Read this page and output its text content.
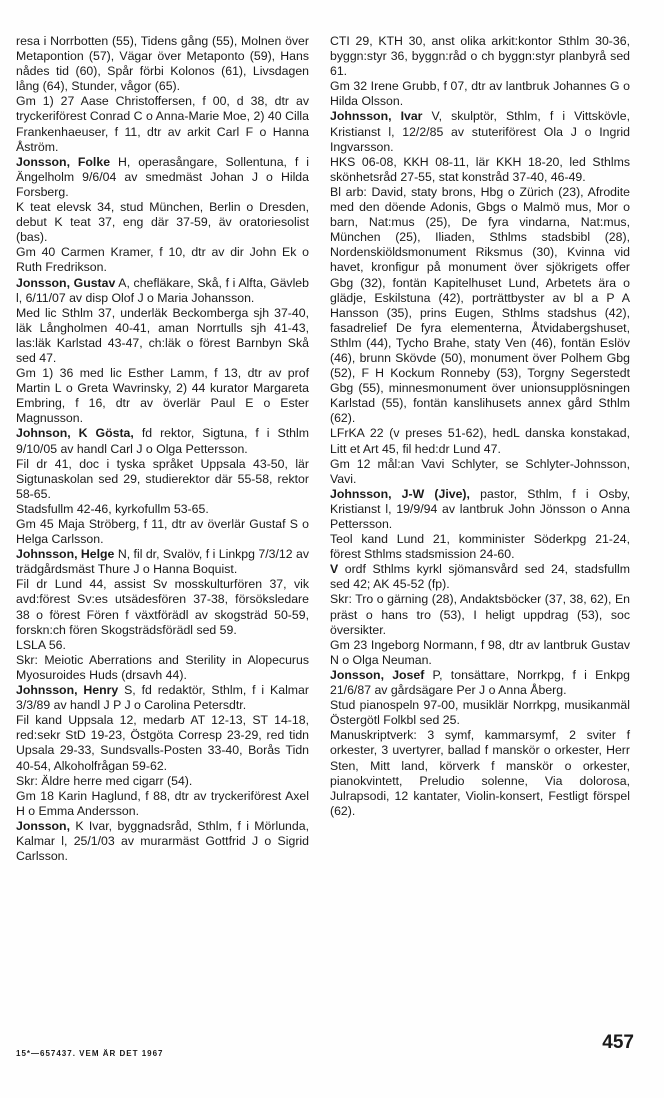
resa i Norrbotten (55), Tidens gång (55), Molnen över Metapontion (57), Vägar över Metaponto (59), Hans nådes tid (60), Spår förbi Kolonos (61), Livsdagen lång (64), Stunder, vågor (65).

Gm 1) 27 Aase Christoffersen, f 00, d 38, dtr av tryckeriförest Conrad C o Anna-Marie Moe, 2) 40 Cilla Frankenhaeuser, f 11, dtr av arkit Carl F o Hanna Åström.

Jonsson, Folke H, operasångare, Sollentuna, f i Ängelholm 9/6/04 av smedmäst Johan J o Hilda Forsberg.

K teat elevsk 34, stud München, Berlin o Dresden, debut K teat 37, eng där 37-59, äv oratoriesolist (bas).

Gm 40 Carmen Kramer, f 10, dtr av dir John Ek o Ruth Fredrikson.

Jonsson, Gustav A, chefläkare, Skå, f i Alfta, Gävleb l, 6/11/07 av disp Olof J o Maria Johansson.

Med lic Sthlm 37, underläk Beckomberga sjh 37-40, läk Långholmen 40-41, aman Norrtulls sjh 41-43, las:läk Karlstad 43-47, ch:läk o förest Barnbyn Skå sed 47.

Gm 1) 36 med lic Esther Lamm, f 13, dtr av prof Martin L o Greta Wavrinsky, 2) 44 kurator Margareta Embring, f 16, dtr av överlär Paul E o Ester Magnusson.

Johnson, K Gösta, fd rektor, Sigtuna, f i Sthlm 9/10/05 av handl Carl J o Olga Pettersson.

Fil dr 41, doc i tyska språket Uppsala 43-50, lär Sigtunaskolan sed 29, studierektor där 55-58, rektor 58-65.

Stadsfullm 42-46, kyrkofullm 53-65.

Gm 45 Maja Ströberg, f 11, dtr av överlär Gustaf S o Helga Carlsson.

Johnsson, Helge N, fil dr, Svalöv, f i Linkpg 7/3/12 av trädgårdsmäst Thure J o Hanna Boquist.

Fil dr Lund 44, assist Sv mosskulturfören 37, vik avd:förest Sv:es utsädesfören 37-38, försöksledare 38 o förest Fören f växtförädl av skogsträd 50-59, forskn:ch fören Skogsträdsförädl sed 59.

LSLA 56.

Skr: Meiotic Aberrations and Sterility in Alopecurus Myosuroides Huds (drsavh 44).

Johnsson, Henry S, fd redaktör, Sthlm, f i Kalmar 3/3/89 av handl J P J o Carolina Petersdtr.

Fil kand Uppsala 12, medarb AT 12-13, ST 14-18, red:sekr StD 19-23, Östgöta Corresp 23-29, red tidn Upsala 29-33, Sundsvalls-Posten 33-40, Borås Tidn 40-54, Alkoholfrågan 59-62.

Skr: Äldre herre med cigarr (54).

Gm 18 Karin Haglund, f 88, dtr av tryckeriförest Axel H o Emma Andersson.

Jonsson, K Ivar, byggnadsråd, Sthlm, f i Mörlunda, Kalmar l, 25/1/03 av murarmäst Gottfrid J o Sigrid Carlsson.

CTI 29, KTH 30, anst olika arkit:kontor Sthlm 30-36, byggn:styr 36, byggn:råd o ch byggn:styr planbyrå sed 61.

Gm 32 Irene Grubb, f 07, dtr av lantbruk Johannes G o Hilda Olsson.

Johnsson, Ivar V, skulptör, Sthlm, f i Vittskövle, Kristianst l, 12/2/85 av stuteriförest Ola J o Ingrid Ingvarsson.

HKS 06-08, KKH 08-11, lär KKH 18-20, led Sthlms skönhetsråd 27-55, stat konstråd 37-40, 46-49.

Bl arb: David, staty brons, Hbg o Zürich (23), Afrodite med den döende Adonis, Gbgs o Malmö mus, Mor o barn, Nat:mus (25), De fyra vindarna, Nat:mus, München (25), Iliaden, Sthlms stadsbibl (28), Nordenskiöldsmonument Riksmus (30), Kvinna vid havet, kronfigur på monument över sjökrigets offer Gbg (32), fontän Kapitelhuset Lund, Arbetets ära o glädje, Eskilstuna (42), porträttbyster av bl a P A Hansson (35), prins Eugen, Sthlms stadshus (42), fasadrelief De fyra elementerna, Åtvidabergshuset, Sthlm (44), Tycho Brahe, staty Ven (46), fontän Eslöv (46), brunn Skövde (50), monument över Polhem Gbg (52), F H Kockum Ronneby (53), Torgny Segerstedt Gbg (55), minnesmonument över unionsupplösningen Karlstad (55), fontän kanslihusets annex gård Sthlm (62).

LFrKA 22 (v preses 51-62), hedL danska konstakad, Litt et Art 45, fil hed:dr Lund 47.

Gm 12 mål:an Vavi Schlyter, se Schlyter-Johnsson, Vavi.

Johnsson, J-W (Jive), pastor, Sthlm, f i Osby, Kristianst l, 19/9/94 av lantbruk John Jönsson o Anna Pettersson.

Teol kand Lund 21, komminister Söderkpg 21-24, förest Sthlms stadsmission 24-60.

V ordf Sthlms kyrkl sjömansvård sed 24, stadsfullm sed 42; AK 45-52 (fp).

Skr: Tro o gärning (28), Andaktsböcker (37, 38, 62), En präst o hans tro (53), I heligt uppdrag (53), soc översikter.

Gm 23 Ingeborg Normann, f 98, dtr av lantbruk Gustav N o Olga Neuman.

Jonsson, Josef P, tonsättare, Norrkpg, f i Enkpg 21/6/87 av gårdsägare Per J o Anna Åberg.

Stud pianospeln 97-00, musiklär Norrkpg, musikanmäl Östergötl Folkbl sed 25.

Manuskriptverk: 3 symf, kammarsymf, 2 sviter f orkester, 3 uvertyrer, ballad f manskör o orkester, Herr Sten, Mitt land, körverk f manskör o orkester, pianokvintett, Preludio solenne, Via dolorosa, Julrapsodi, 12 kantater, Violin-konsert, Festligt förspel (62).

15*—657437. VEM ÄR DET 1967
457
